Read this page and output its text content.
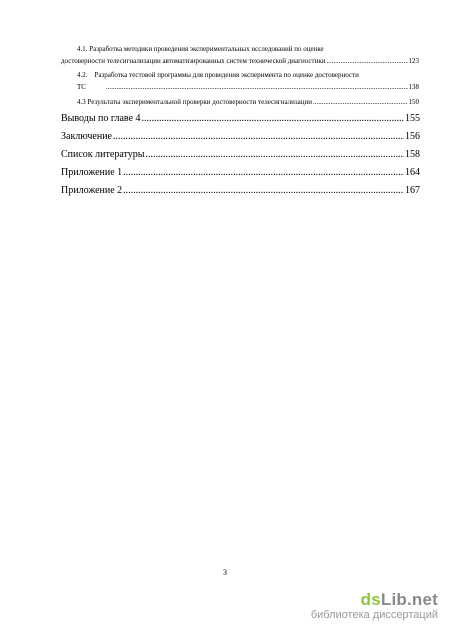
4.1. Разработка методики проведения экспериментальных исследований по оценке
достоверности телесигнализации автоматизированных систем технической диагностики .....	123
4.2. Разработка тестовой программы для проведения эксперимента по оценке достоверности
ТС .....	138
4.3 Результаты экспериментальной проверки достоверности телесигнализации .....	150
Выводы по главе 4 .....	155
Заключение .....	156
Список литературы .....	158
Приложение 1 .....	164
Приложение 2 .....	167
3
dsLib.net
библиотека диссертаций
